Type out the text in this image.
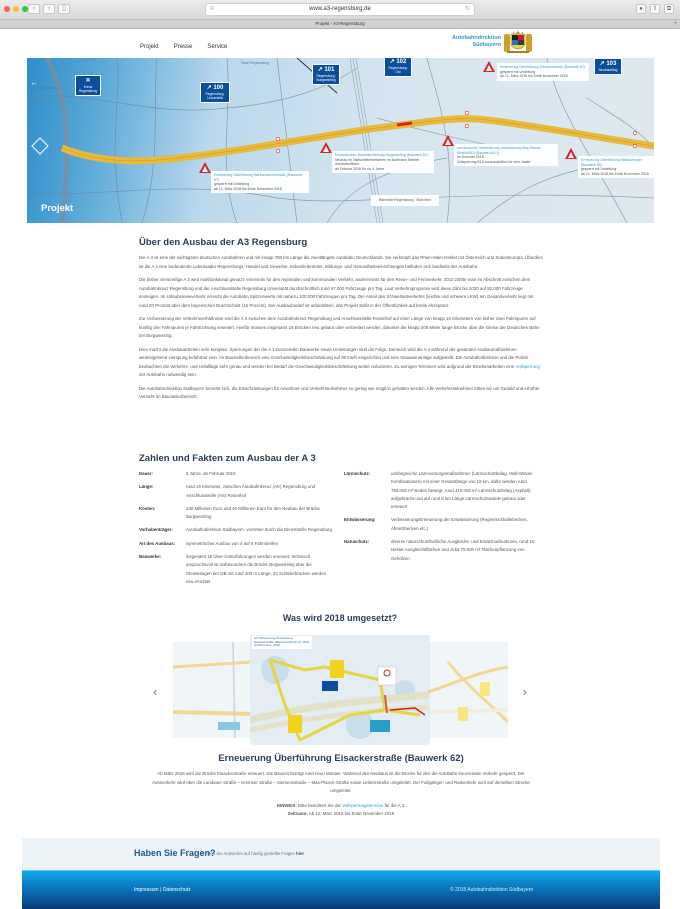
‹	›	▯	≡	www.a3-regensburg.de	↻	●	⇧	⧉
Projekt - A3-Regensburg	+
Projekt	Presse	Service
Autobahndirektion
Südbayern
←
Richtung Nürnberg
Stadt Regensburg
✕
Kreuz Regensburg	↗ 100
Regensburg-Universität
↗ 101
Regensburg-Burgweinting
↗ 102
Regensburg-Ost
↗ 103
Neutraubling
Erneuerung Überführung Markomannenstraße (Bauwerk 57)
gesperrt mit Umleitung
ab 12. März 2018 bis Ende November 2018
Ersatzneubau Bahnüberführung Burgweinting (Bauwerk 59)
Neubau im Taktschiebeverfahren im laufenden Betrieb Autobahn/Bahn
ab Februar 2018 für ca. 4 Jahre
provisorische Verbreiterung Unterführung Max-Planck-Straße/B15 (Bauwerk 60.1)
im Sommer 2018
Vollsperrung B15 voraussichtlich für eine Nacht
Erneuerung Überführung Eisackerstraße (Bauwerk 62)
gesperrt mit Umleitung
ab 12. März 2018 bis Ende November 2018
Erneuerung Überführung Mintrachinger (Bauwerk 66)
gesperrt mit Umleitung
ab 12. März 2018 bis Ende November 2018
Bahnlinie Regensburg - München
Projekt
Über den Ausbau der A3 Regensburg

Die A 3 ist eine der wichtigsten deutschen Autobahnen und mit knapp 780 km Länge die zweitlängste Autobahn Deutschlands. Sie verknüpft das Rhein-Main-Gebiet mit Österreich und Südosteuropa. Überdies ist die A 3 eine bedeutende Lebensader Regensburgs: Handel und Gewerbe, Industriebetriebe, Bildungs- und Gesundheitseinrichtungen befinden sich beidseits der Autobahn.

Die bisher vierstreifige A 3 wird multifunktional genutzt: einerseits für den regionalen und kommunalen Verkehr, andererseits für den Reise- und Fernverkehr. 2010 zählte man im Abschnitt zwischen dem Autobahnkreuz Regensburg und der Anschlussstelle Regensburg Universität durchschnittlich rund 67.000 Fahrzeuge pro Tag. Laut Verkehrsprognose wird diese Zahl bis 2030 auf 82.000 Fahrzeuge ansteigen. Im Urlaubsreiseverkehr erreicht die Autobahn Spitzenwerte mit nahezu 100.000 Fahrzeugen pro Tag. Der Anteil des Schwerlastverkehrs (leichte und schwere LKW) am Gesamtverkehr liegt mit rund 20 Prozent über dem bayerischen Durchschnitt (15 Prozent). Der Ausbaubedarf ist unbestritten, das Projekt stößt in der Öffentlichkeit auf breite Akzeptanz.

Zur Verbesserung der Verkehrsverhältnisse wird die A 3 zwischen dem Autobahnkreuz Regensburg und Anschlussstelle Rosenhof auf einer Länge von knapp 15 Kilometern von bisher zwei Fahrspuren auf künftig drei Fahrspuren je Fahrtrichtung erweitert. Hierfür müssen insgesamt 16 Brücken neu gebaut oder verbreitert werden, darunter die knapp 200 Meter lange Brücke über die Gleise der Deutschen Bahn bei Burgweinting.

Dies macht die Ausbauarbeiten sehr komplex. Sperrungen der die A 3 kreuzenden Bauwerke sowie Umleitungen sind die Folge. Dennoch wird die A 3 während der gesamten Ausbaumaßnahmen weitestgehend vierspurig befahrbar sein. Im Baustellenbereich eine Geschwindigkeitsbeschränkung auf 80 km/h eingerichtet und eine Stauwarnanlage aufgestellt. Die Autobahndirektion und die Polizei beobachten die Verkehrs- und Unfalllage sehr genau und werden bei Bedarf die Geschwindigkeitsbeschränkung weiter reduzieren. Zu wenigen Terminen wird aufgrund der Brückenarbeiten eine Vollsperrung der Autobahn notwendig sein.

Die Autobahndirektion Südbayern bemüht sich, die Einschränkungen für Anwohner und Verkehrsteilnehmer so gering wie möglich gehalten werden. Alle Verkehrsteilnehmer bitten wir um Geduld und erhöhte Vorsicht im Baustellenbereich.

Zahlen und Fakten zum Ausbau der A 3
Dauer:	6 Jahre, ab Februar 2018
Länge:	rund 15 Kilometer, zwischen Autobahnkreuz (AK) Regensburg und Anschlussstelle (AS) Rosenhof
Kosten:	230 Millionen Euro und 40 Millionen Euro für den Neubau der Brücke Burgweinting
Vorhabenträger:	Autobahndirektion Südbayern, vertreten durch die Dienststelle Regensburg
Art des Ausbaus:	symmetrischer Ausbau von 4 auf 6 Fahrstreifen
Bauwerke:	insgesamt 16 Über-/Unterführungen werden erneuert; technisch anspruchsvoll ist insbesondere die Brücke Burgweinting über die Gleisanlagen der DB mit rund 200 m Länge; 24 Schilderbrücken werden neu errichtet
Lärmschutz:	umfangreiche Lärmvorsorgemaßnahmen (Lärmschutzbelag, Wall-/Wand-Kombinationen) mit einer Gesamtlänge von 19 km, dafür werden rund 750.000 m³ Boden bewegt, rund 410.000 m² Lärmschutzbelag (Asphalt) aufgebracht und auf rund 8 km Länge Lärmschutzwände gebaut oder erneuert
Entwässerung:	Verbesserung/Erneuerung der Entwässerung (Regenrückhaltebecken, Absetzbecken etc.)
Natuschutz:	diverse naturschutzfachliche Ausgleichs- und Ersatzmaßnahmen, rund 10 Hektar Ausgleichsflächen und zirka 75.000 m² Flächenpflanzung von Gehölzen
Was wird 2018 umgesetzt?
‹	›
A3 Vollsperrung Überführung Eisackerstraße (Bauwerk 62) ab 12. März 2018 bis Nov. 2018
Erneuerung Überführung Eisackerstraße (Bauwerk 62)

Ab März 2018 wird die Brücke Eisackerstraße erneuert. Die Bauzeit beträgt rund neun Monate. Während des Neubaus ist die Brücke für den die Autobahn kreuzenden Verkehr gesperrt. Der Autoverkehr wird über die Landauer Straße – Kremser Straße – Siemensstraße – Max-Planck-Straße sowie Leibnizstraße umgeleitet. Der Fußgänger- und Radverkehr wird auf derselben Strecke umgeleitet.

HINWEIS: Bitte beachten Sie die Vollsperrungstermine für die A 3.

Zeitraum: Ab 12. März 2018 bis Ende November 2018

Haben Sie Fragen?
Finden Sie Antworten auf häufig gestellte Fragen hier.
Impressum | Datenschutz	© 2018 Autobahndirektion Südbayern
